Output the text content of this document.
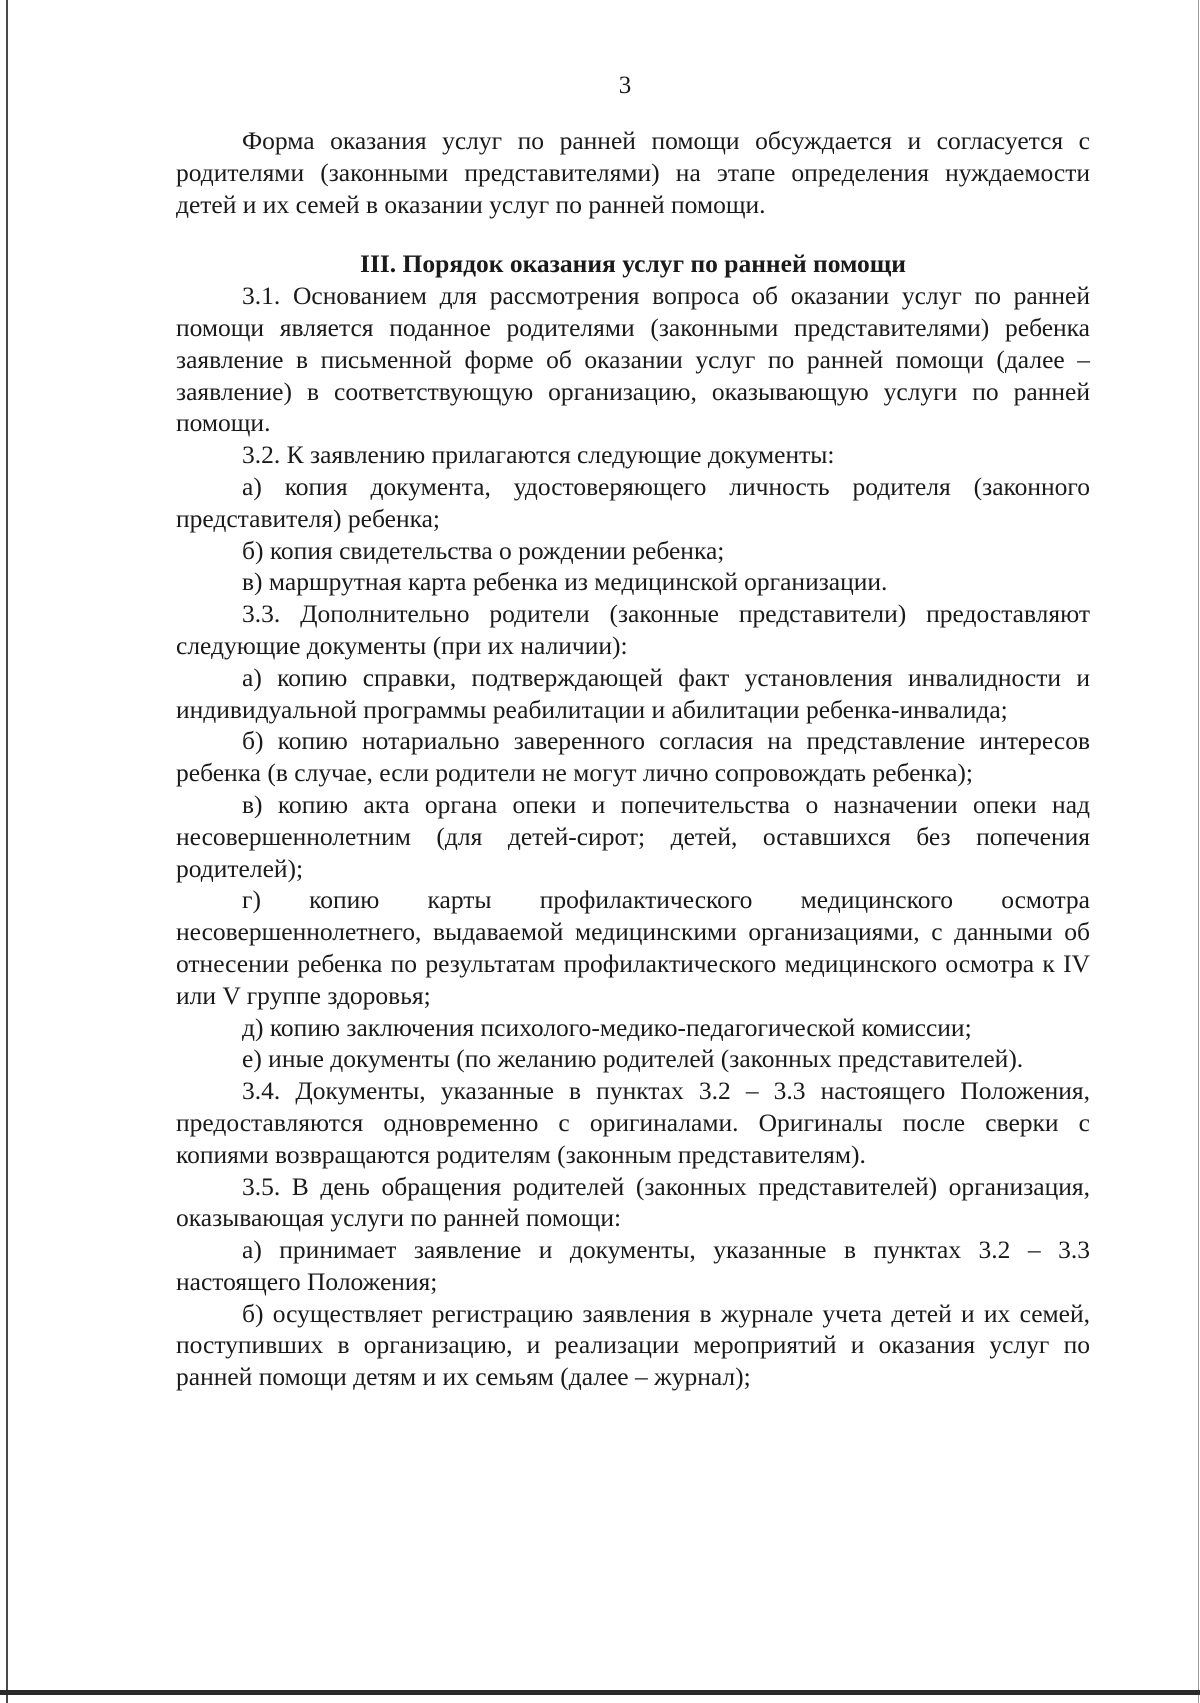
3

Форма оказания услуг по ранней помощи обсуждается и согласуется с родителями (законными представителями) на этапе определения нуждаемости детей и их семей в оказании услуг по ранней помощи.

III. Порядок оказания услуг по ранней помощи

3.1. Основанием для рассмотрения вопроса об оказании услуг по ранней помощи является поданное родителями (законными представителями) ребенка заявление в письменной форме об оказании услуг по ранней помощи (далее – заявление) в соответствующую организацию, оказывающую услуги по ранней помощи.

3.2. К заявлению прилагаются следующие документы:

а) копия документа, удостоверяющего личность родителя (законного представителя) ребенка;

б) копия свидетельства о рождении ребенка;

в) маршрутная карта ребенка из медицинской организации.

3.3. Дополнительно родители (законные представители) предоставляют следующие документы (при их наличии):

а) копию справки, подтверждающей факт установления инвалидности и индивидуальной программы реабилитации и абилитации ребенка-инвалида;

б) копию нотариально заверенного согласия на представление интересов ребенка (в случае, если родители не могут лично сопровождать ребенка);

в) копию акта органа опеки и попечительства о назначении опеки над несовершеннолетним (для детей-сирот; детей, оставшихся без попечения родителей);

г) копию карты профилактического медицинского осмотра несовершеннолетнего, выдаваемой медицинскими организациями, с данными об отнесении ребенка по результатам профилактического медицинского осмотра к IV или V группе здоровья;

д) копию заключения психолого-медико-педагогической комиссии;

е) иные документы (по желанию родителей (законных представителей).

3.4. Документы, указанные в пунктах 3.2 – 3.3 настоящего Положения, предоставляются одновременно с оригиналами. Оригиналы после сверки с копиями возвращаются родителям (законным представителям).

3.5. В день обращения родителей (законных представителей) организация, оказывающая услуги по ранней помощи:

а) принимает заявление и документы, указанные в пунктах 3.2 – 3.3 настоящего Положения;

б) осуществляет регистрацию заявления в журнале учета детей и их семей, поступивших в организацию, и реализации мероприятий и оказания услуг по ранней помощи детям и их семьям (далее – журнал);
